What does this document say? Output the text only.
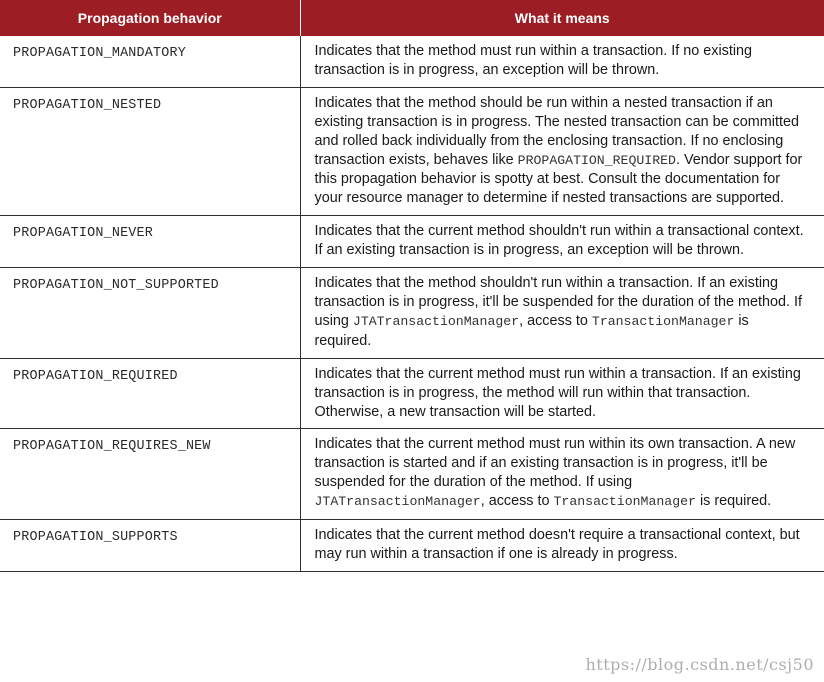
Propagation behavior	What it means
PROPAGATION_MANDATORY	Indicates that the method must run within a transaction. If no existing transaction is in progress, an exception will be thrown.

PROPAGATION_NESTED	Indicates that the method should be run within a nested transaction if an existing transaction is in progress. The nested transaction can be committed and rolled back individually from the enclosing transaction. If no enclosing transaction exists, behaves like PROPAGATION_REQUIRED. Vendor support for this propagation behavior is spotty at best. Consult the documentation for your resource manager to determine if nested transactions are supported.

PROPAGATION_NEVER	Indicates that the current method shouldn't run within a transactional context. If an existing transaction is in progress, an exception will be thrown.

PROPAGATION_NOT_SUPPORTED	Indicates that the method shouldn't run within a transaction. If an existing transaction is in progress, it'll be suspended for the duration of the method. If using JTATransactionManager, access to TransactionManager is required.

PROPAGATION_REQUIRED	Indicates that the current method must run within a transaction. If an existing transaction is in progress, the method will run within that transaction. Otherwise, a new transaction will be started.

PROPAGATION_REQUIRES_NEW	Indicates that the current method must run within its own transaction. A new transaction is started and if an existing transaction is in progress, it'll be suspended for the duration of the method. If using JTATransactionManager, access to TransactionManager is required.

PROPAGATION_SUPPORTS	Indicates that the current method doesn't require a transactional context, but may run within a transaction if one is already in progress.
https://blog.csdn.net/csj50
